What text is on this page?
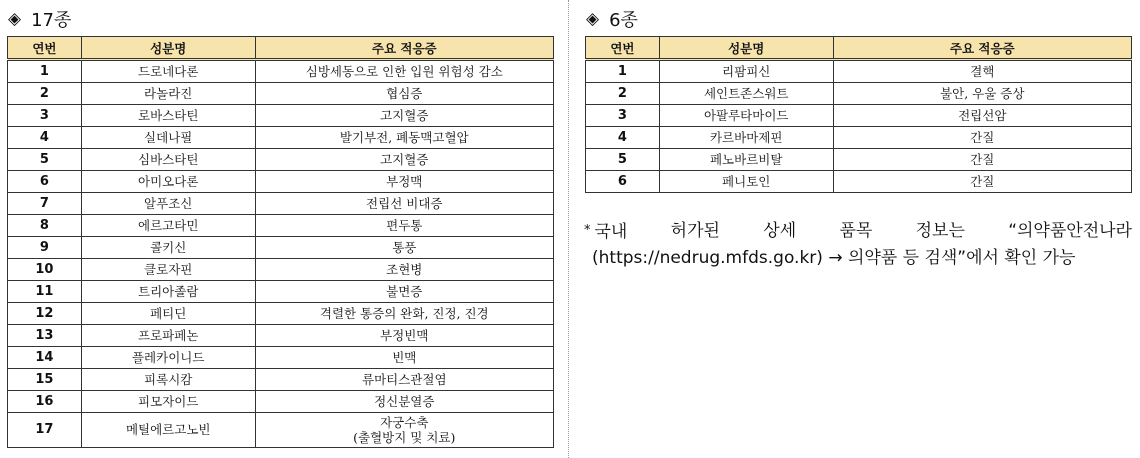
◈ 17종
연번	성분명	주요 적응증
1	드로네다론	심방세동으로 인한 입원 위험성 감소
2	라놀라진	협심증
3	로바스타틴	고지혈증
4	실데나필	발기부전, 폐동맥고혈압
5	심바스타틴	고지혈증
6	아미오다론	부정맥
7	알푸조신	전립선 비대증
8	에르고타민	편두통
9	콜키신	통풍
10	클로자핀	조현병
11	트리아졸람	불면증
12	페티딘	격렬한 통증의 완화, 진정, 진경
13	프로파페논	부정빈맥
14	플레카이니드	빈맥
15	피록시캄	류마티스관절염
16	피모자이드	정신분열증
17	메틸에르고노빈	자궁수축
(출혈방지 및 치료)
◈ 6종
연번	성분명	주요 적응증
1	리팜피신	결핵
2	세인트존스워트	불안, 우울 증상
3	아팔루타마이드	전립선암
4	카르바마제핀	간질
5	페노바르비탈	간질
6	페니토인	간질
* 국내	허가된	상세	품목	정보는	“의약품안전나라
(https://nedrug.mfds.go.kr) → 의약품 등 검색”에서 확인 가능
